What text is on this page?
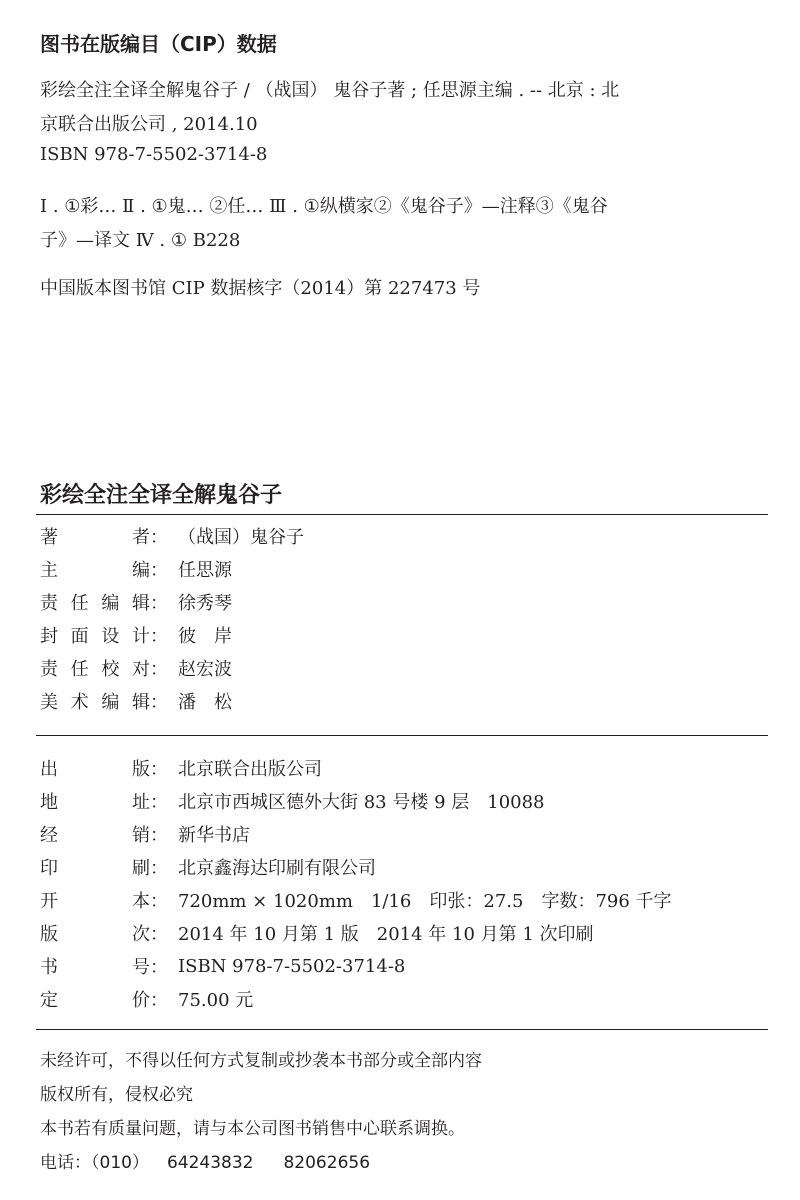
图书在版编目（CIP）数据
彩绘全注全译全解鬼谷子 / （战国） 鬼谷子著 ; 任思源主编 . -- 北京 : 北
京联合出版公司 , 2014.10
ISBN 978-7-5502-3714-8
Ⅰ . ①彩… Ⅱ . ①鬼… ②任… Ⅲ . ①纵横家②《鬼谷子》—注释③《鬼谷
子》—译文 Ⅳ . ① B228
中国版本图书馆 CIP 数据核字（2014）第 227473 号
彩绘全注全译全解鬼谷子
著者 ： （战国）鬼谷子
主编 ： 任思源
责任编辑 ： 徐秀琴
封面设计 ： 彼　岸
责任校对 ： 赵宏波
美术编辑 ： 潘　松
出版 ： 北京联合出版公司
地址 ： 北京市西城区德外大街 83 号楼 9 层　10088
经销 ： 新华书店
印刷 ： 北京鑫海达印刷有限公司
开本 ： 720mm × 1020mm　1/16　印张：27.5　字数：796 千字
版次 ： 2014 年 10 月第 1 版　2014 年 10 月第 1 次印刷
书号 ： ISBN 978-7-5502-3714-8
定价 ： 75.00 元
未经许可，不得以任何方式复制或抄袭本书部分或全部内容
版权所有，侵权必究
本书若有质量问题，请与本公司图书销售中心联系调换。
电话：（010） 64243832 82062656
